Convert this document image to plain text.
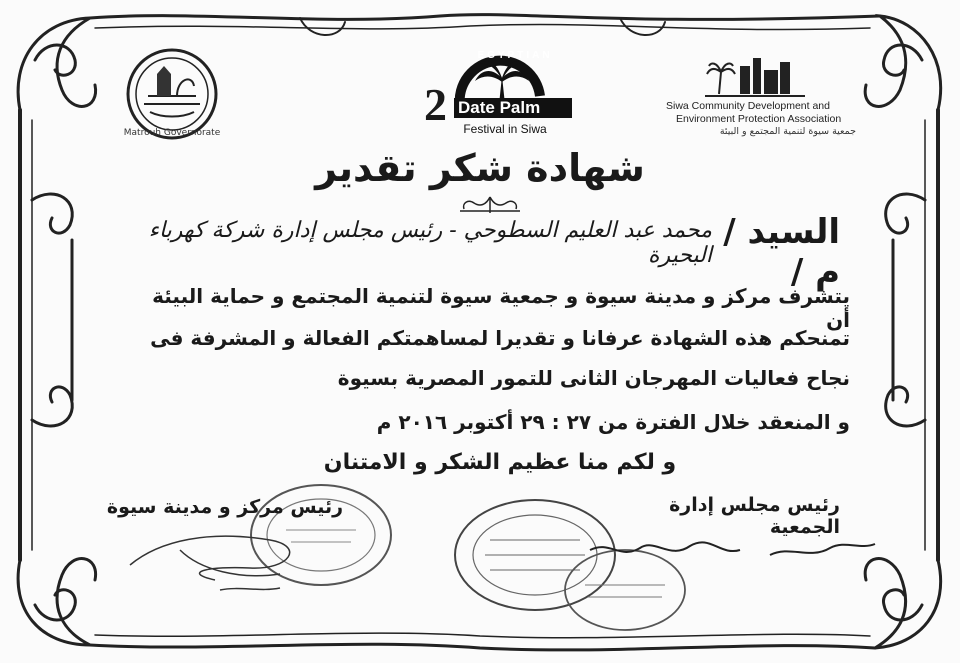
Matrouh Governorate
EGYPTIAN
2 Date Palm
Festival in Siwa
Siwa Community Development and
Environment Protection Association
جمعية سيوة لتنمية المجتمع و البيئة
شهادة شكر تقدير
السيد / م /
محمد عبد العليم السطوحي - رئيس مجلس إدارة شركة كهرباء البحيرة
يتشرف مركز و مدينة سيوة و جمعية سيوة لتنمية المجتمع و حماية البيئة أن
تمنحكم هذه الشهادة عرفانا و تقديرا لمساهمتكم الفعالة و المشرفة فى
نجاح فعاليات المهرجان الثانى للتمور المصرية بسيوة
و المنعقد خلال الفترة من ٢٧ : ٢٩ أكتوبر ٢٠١٦ م
و لكم منا عظيم الشكر و الامتنان
رئيس مركز و مدينة سيوة	رئيس مجلس إدارة الجمعية
